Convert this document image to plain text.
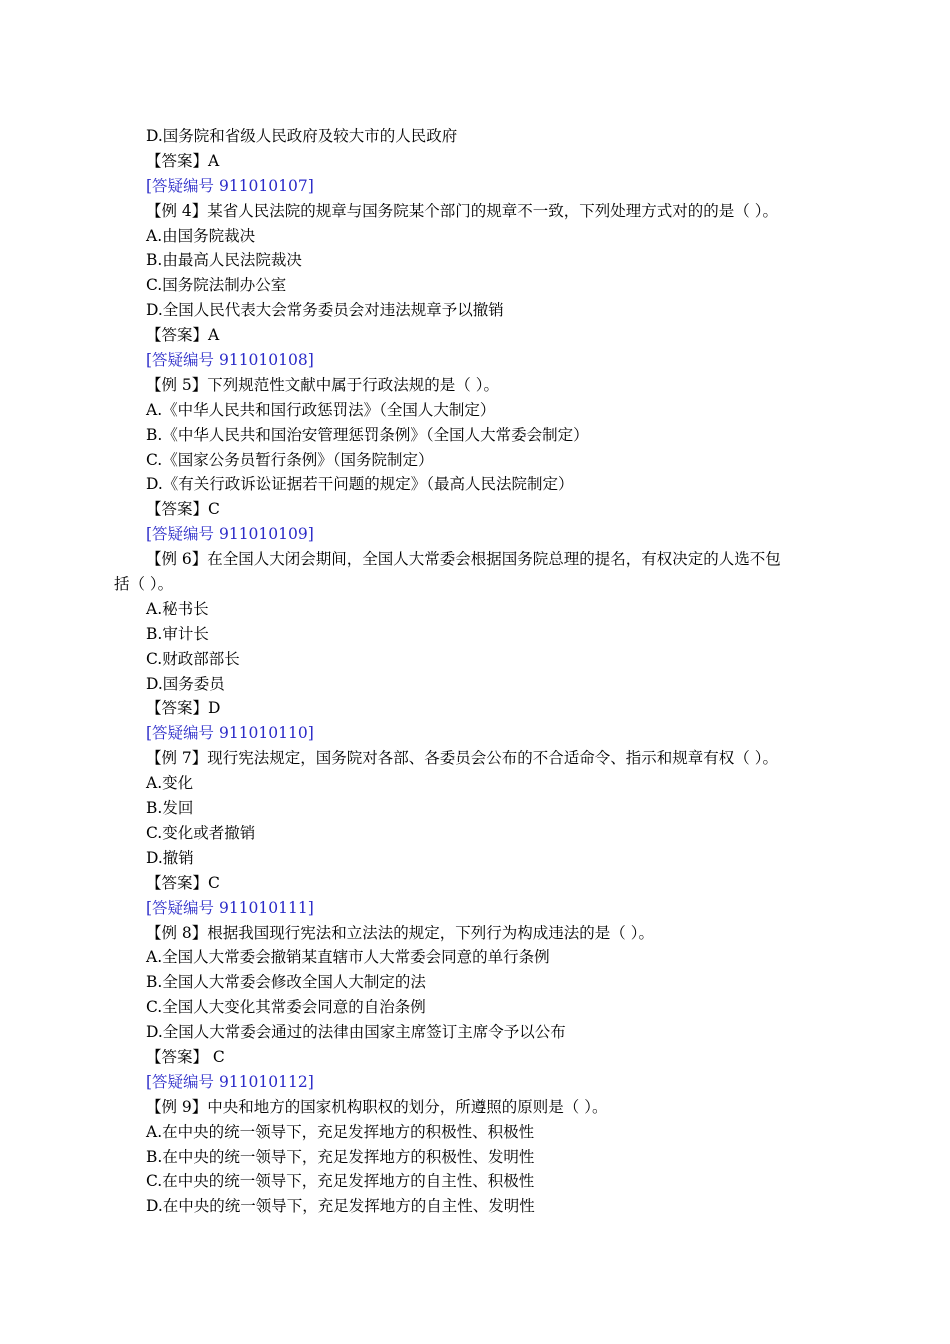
D.国务院和省级人民政府及较大市的人民政府
【答案】A
[答疑编号 911010107]
【例 4】某省人民法院的规章与国务院某个部门的规章不一致，下列处理方式对的的是（ ）。
A.由国务院裁决
B.由最高人民法院裁决
C.国务院法制办公室
D.全国人民代表大会常务委员会对违法规章予以撤销
【答案】A
[答疑编号 911010108]
【例 5】下列规范性文献中属于行政法规的是（ ）。
A.《中华人民共和国行政惩罚法》（全国人大制定）
B.《中华人民共和国治安管理惩罚条例》（全国人大常委会制定）
C.《国家公务员暂行条例》（国务院制定）
D.《有关行政诉讼证据若干问题的规定》（最高人民法院制定）
【答案】C
[答疑编号 911010109]
【例 6】在全国人大闭会期间，全国人大常委会根据国务院总理的提名，有权决定的人选不包
括（ ）。
A.秘书长
B.审计长
C.财政部部长
D.国务委员
【答案】D
[答疑编号 911010110]
【例 7】现行宪法规定，国务院对各部、各委员会公布的不合适命令、指示和规章有权（ ）。
A.变化
B.发回
C.变化或者撤销
D.撤销
【答案】C
[答疑编号 911010111]
【例 8】根据我国现行宪法和立法法的规定，下列行为构成违法的是（ ）。
A.全国人大常委会撤销某直辖市人大常委会同意的单行条例
B.全国人大常委会修改全国人大制定的法
C.全国人大变化其常委会同意的自治条例
D.全国人大常委会通过的法律由国家主席签订主席令予以公布
【答案】 C
[答疑编号 911010112]
【例 9】中央和地方的国家机构职权的划分，所遵照的原则是（ ）。
A.在中央的统一领导下，充足发挥地方的积极性、积极性
B.在中央的统一领导下，充足发挥地方的积极性、发明性
C.在中央的统一领导下，充足发挥地方的自主性、积极性
D.在中央的统一领导下，充足发挥地方的自主性、发明性
